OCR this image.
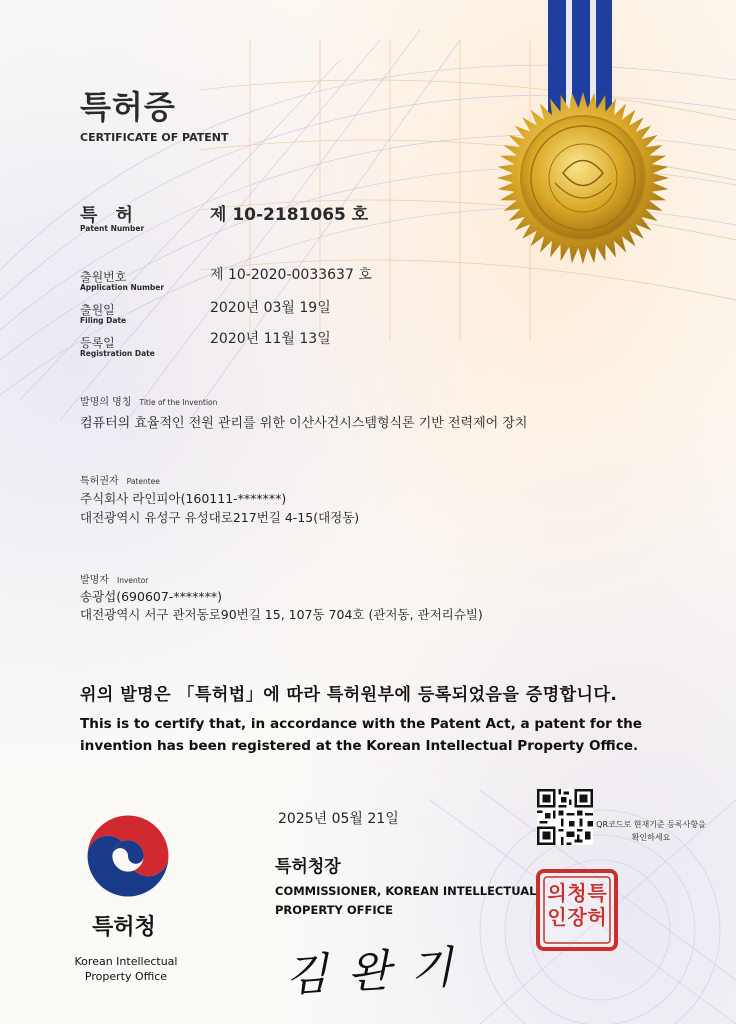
특허증
CERTIFICATE OF PATENT
특 허
Patent Number
제 10-2181065 호
출원번호
Application Number
제 10-2020-0033637 호
출원일
Filing Date
2020년 03월 19일
등록일
Registration Date
2020년 11월 13일
발명의 명칭 Title of the Invention
컴퓨터의 효율적인 전원 관리를 위한 이산사건시스템형식론 기반 전력제어 장치
특허권자 Patentee
주식회사 라인피아(160111-*******)
대전광역시 유성구 유성대로217번길 4-15(대정동)
발명자 Inventor
송광섭(690607-*******)
대전광역시 서구 관저동로90번길 15, 107동 704호 (관저동, 관저리슈빌)
위의 발명은 「특허법」에 따라 특허원부에 등록되었음을 증명합니다.
This is to certify that, in accordance with the Patent Act, a patent for the invention has been registered at the Korean Intellectual Property Office.
2025년 05월 21일	QR코드로 현재기준 등록사항을 확인하세요
특허청장
COMMISSIONER, KOREAN INTELLECTUAL PROPERTY OFFICE
김완기
특
허
청
장
의
인
특허청
Korean Intellectual Property Office
